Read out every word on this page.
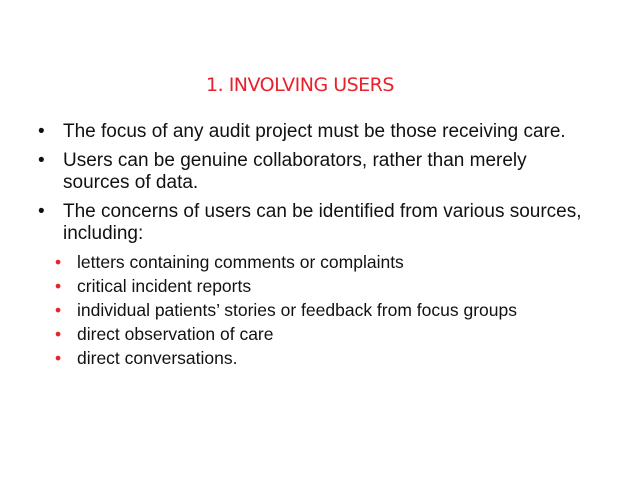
1. INVOLVING USERS
• The focus of any audit project must be those receiving care.
• Users can be genuine collaborators, rather than merely sources of data.
• The concerns of users can be identified from various sources, including:
• letters containing comments or complaints
• critical incident reports
• individual patients’ stories or feedback from focus groups
• direct observation of care
• direct conversations.
